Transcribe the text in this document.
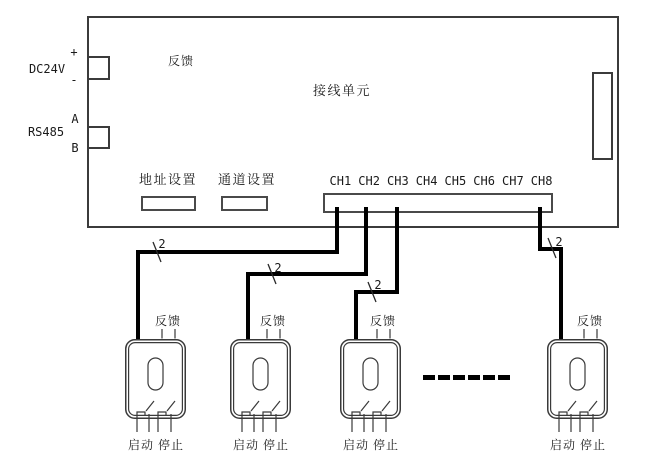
反馈
接线单元
+
DC24V
-
A
RS485
B
地址设置 通道设置	CH1 CH2 CH3 CH4 CH5 CH6 CH7 CH8
2
2
2
2
反馈	反馈	反馈	反馈
启动 停止	启动 停止	启动 停止	启动 停止
